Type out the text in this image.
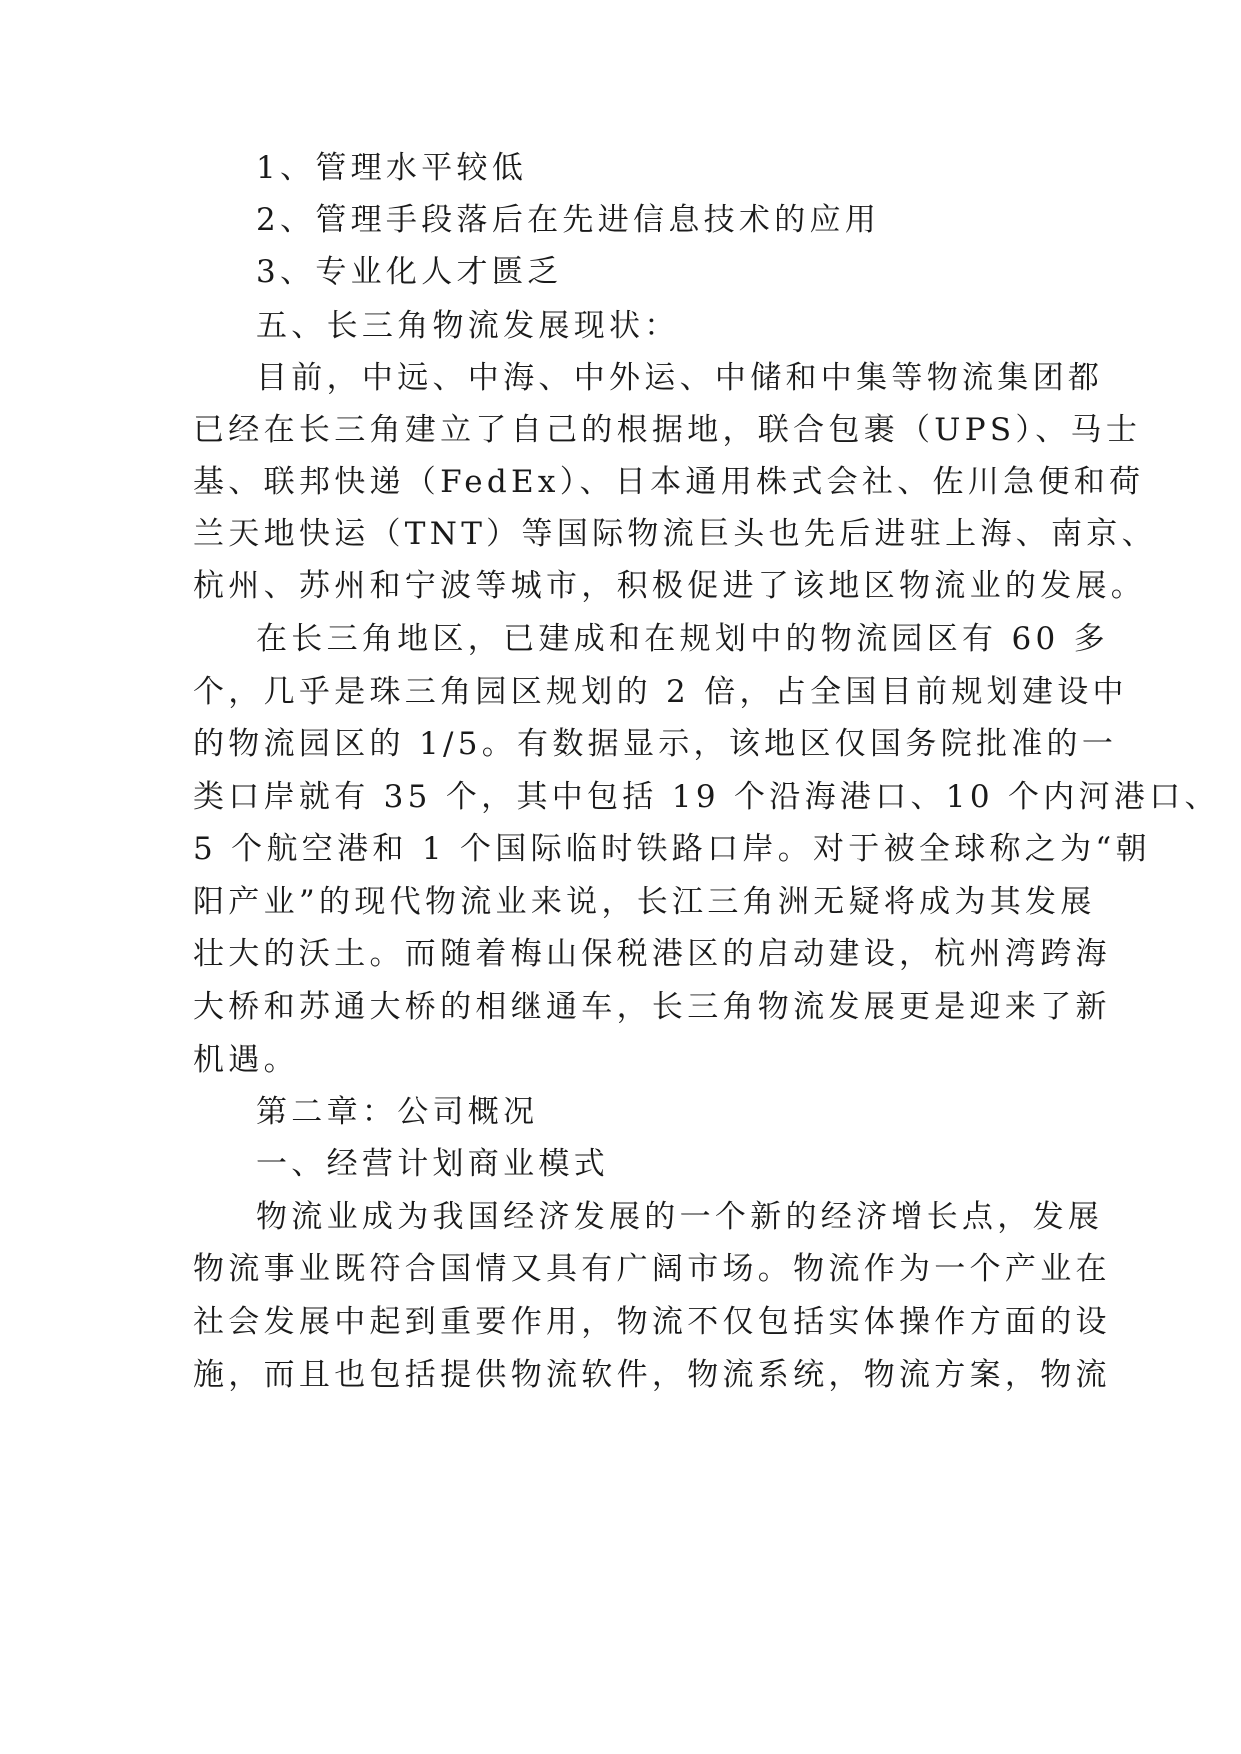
1、管理水平较低
2、管理手段落后在先进信息技术的应用
3、专业化人才匮乏
五、长三角物流发展现状：
目前，中远、中海、中外运、中储和中集等物流集团都
已经在长三角建立了自己的根据地，联合包裹（UPS）、马士
基、联邦快递（FedEx）、日本通用株式会社、佐川急便和荷
兰天地快运（TNT）等国际物流巨头也先后进驻上海、南京、
杭州、苏州和宁波等城市，积极促进了该地区物流业的发展。
在长三角地区，已建成和在规划中的物流园区有 60 多
个，几乎是珠三角园区规划的 2 倍，占全国目前规划建设中
的物流园区的 1/5。有数据显示，该地区仅国务院批准的一
类口岸就有 35 个，其中包括 19 个沿海港口、10 个内河港口、
5 个航空港和 1 个国际临时铁路口岸。对于被全球称之为“朝
阳产业”的现代物流业来说，长江三角洲无疑将成为其发展
壮大的沃土。而随着梅山保税港区的启动建设，杭州湾跨海
大桥和苏通大桥的相继通车，长三角物流发展更是迎来了新
机遇。
第二章：公司概况
一、经营计划商业模式
物流业成为我国经济发展的一个新的经济增长点，发展
物流事业既符合国情又具有广阔市场。物流作为一个产业在
社会发展中起到重要作用，物流不仅包括实体操作方面的设
施，而且也包括提供物流软件，物流系统，物流方案，物流
